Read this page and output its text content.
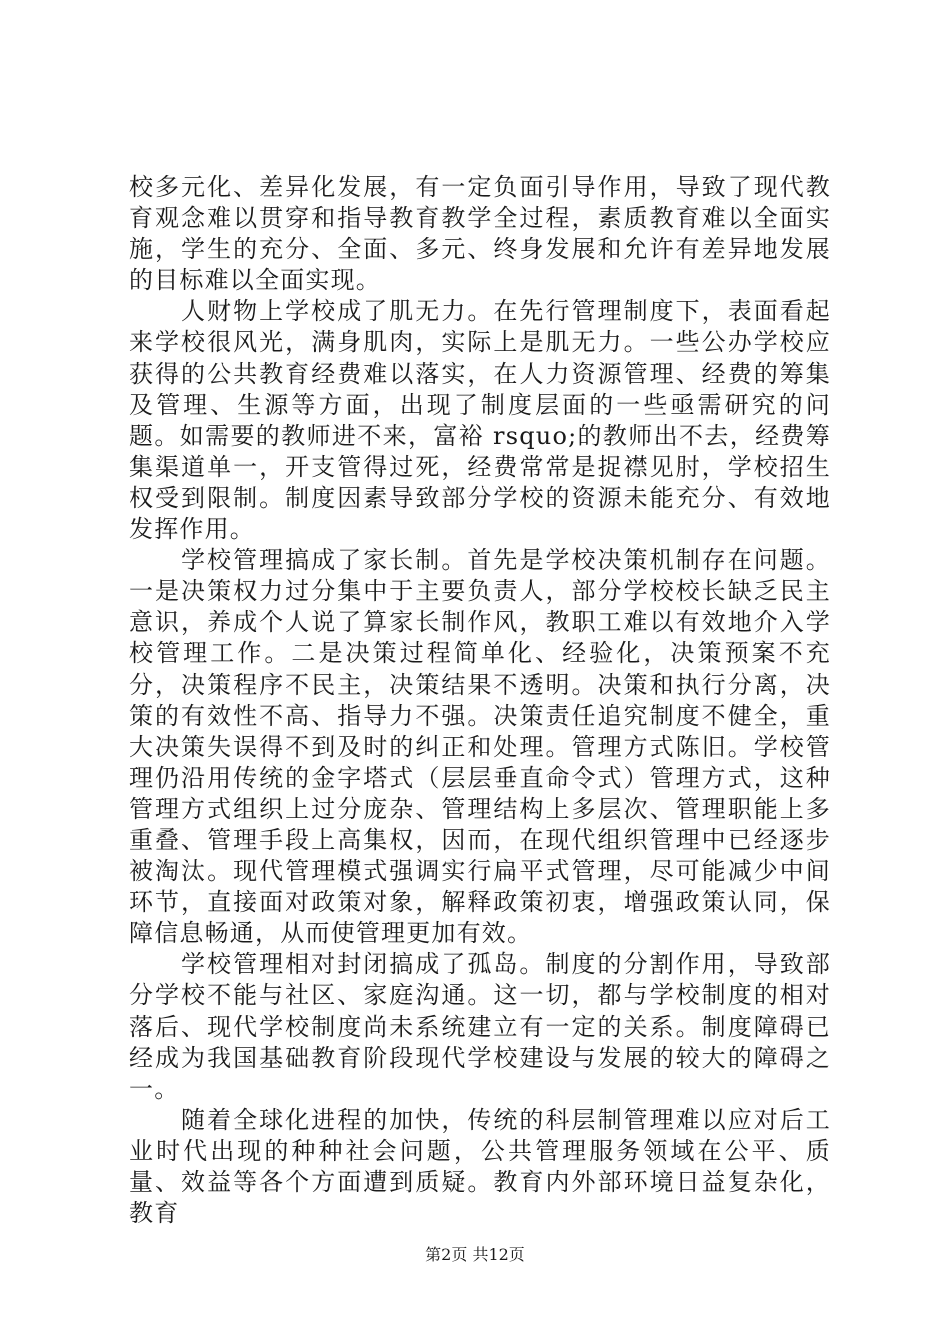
校多元化、差异化发展，有一定负面引导作用，导致了现代教育观念难以贯穿和指导教育教学全过程，素质教育难以全面实施，学生的充分、全面、多元、终身发展和允许有差异地发展的目标难以全面实现。

人财物上学校成了肌无力。在先行管理制度下，表面看起来学校很风光，满身肌肉，实际上是肌无力。一些公办学校应获得的公共教育经费难以落实，在人力资源管理、经费的筹集及管理、生源等方面，出现了制度层面的一些亟需研究的问题。如需要的教师进不来，富裕 rsquo;的教师出不去，经费筹集渠道单一，开支管得过死，经费常常是捉襟见肘，学校招生权受到限制。制度因素导致部分学校的资源未能充分、有效地发挥作用。

学校管理搞成了家长制。首先是学校决策机制存在问题。一是决策权力过分集中于主要负责人，部分学校校长缺乏民主意识，养成个人说了算家长制作风，教职工难以有效地介入学校管理工作。二是决策过程简单化、经验化，决策预案不充分，决策程序不民主，决策结果不透明。决策和执行分离，决策的有效性不高、指导力不强。决策责任追究制度不健全，重大决策失误得不到及时的纠正和处理。管理方式陈旧。学校管理仍沿用传统的金字塔式（层层垂直命令式）管理方式，这种管理方式组织上过分庞杂、管理结构上多层次、管理职能上多重叠、管理手段上高集权，因而，在现代组织管理中已经逐步被淘汰。现代管理模式强调实行扁平式管理，尽可能减少中间环节，直接面对政策对象，解释政策初衷，增强政策认同，保障信息畅通，从而使管理更加有效。

学校管理相对封闭搞成了孤岛。制度的分割作用，导致部分学校不能与社区、家庭沟通。这一切，都与学校制度的相对落后、现代学校制度尚未系统建立有一定的关系。制度障碍已经成为我国基础教育阶段现代学校建设与发展的较大的障碍之一。

随着全球化进程的加快，传统的科层制管理难以应对后工业时代出现的种种社会问题，公共管理服务领域在公平、质量、效益等各个方面遭到质疑。教育内外部环境日益复杂化，教育

第2页 共12页
